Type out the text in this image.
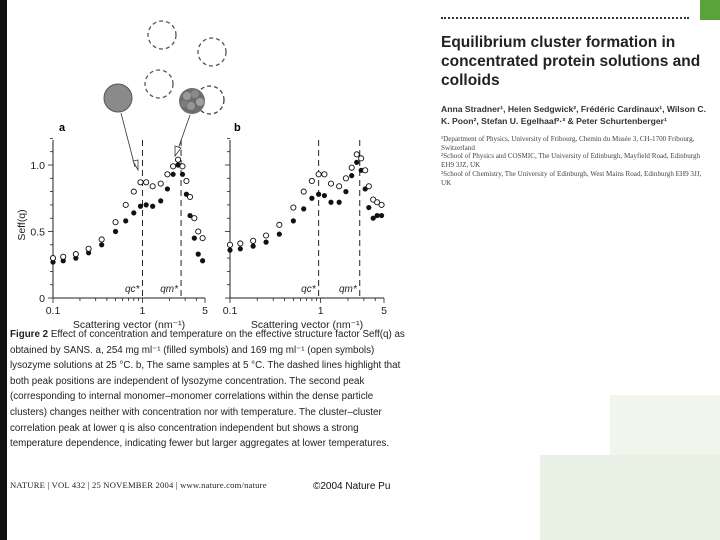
a	b
0.1	1	5
0
0.5
1.0
Scattering vector (nm⁻¹)
Seff(q)
qc* qm*
0.1	1	5
Scattering vector (nm⁻¹)
qc* qm*
Equilibrium cluster formation in concentrated protein solutions and colloids
Anna Stradner¹, Helen Sedgwick², Frédéric Cardinaux¹, Wilson C. K. Poon², Stefan U. Egelhaaf²·³ & Peter Schurtenberger¹

¹Department of Physics, University of Fribourg, Chemin du Musée 3, CH-1700 Fribourg, Switzerland

²School of Physics and COSMIC, The University of Edinburgh, Mayfield Road, Edinburgh EH9 3JZ, UK

³School of Chemistry, The University of Edinburgh, West Mains Road, Edinburgh EH9 3JJ, UK

Figure 2 Effect of concentration and temperature on the effective structure factor Seff(q) as obtained by SANS. a, 254 mg ml⁻¹ (filled symbols) and 169 mg ml⁻¹ (open symbols) lysozyme solutions at 25 °C. b, The same samples at 5 °C. The dashed lines highlight that both peak positions are independent of lysozyme concentration. The second peak (corresponding to internal monomer–monomer correlations within the dense particle clusters) changes neither with concentration nor with temperature. The cluster–cluster correlation peak at lower q is also concentration independent but shows a strong temperature dependence, indicating fewer but larger aggregates at lower temperatures.
NATURE | VOL 432 | 25 NOVEMBER 2004 | www.nature.com/nature	©2004 Nature Pu
